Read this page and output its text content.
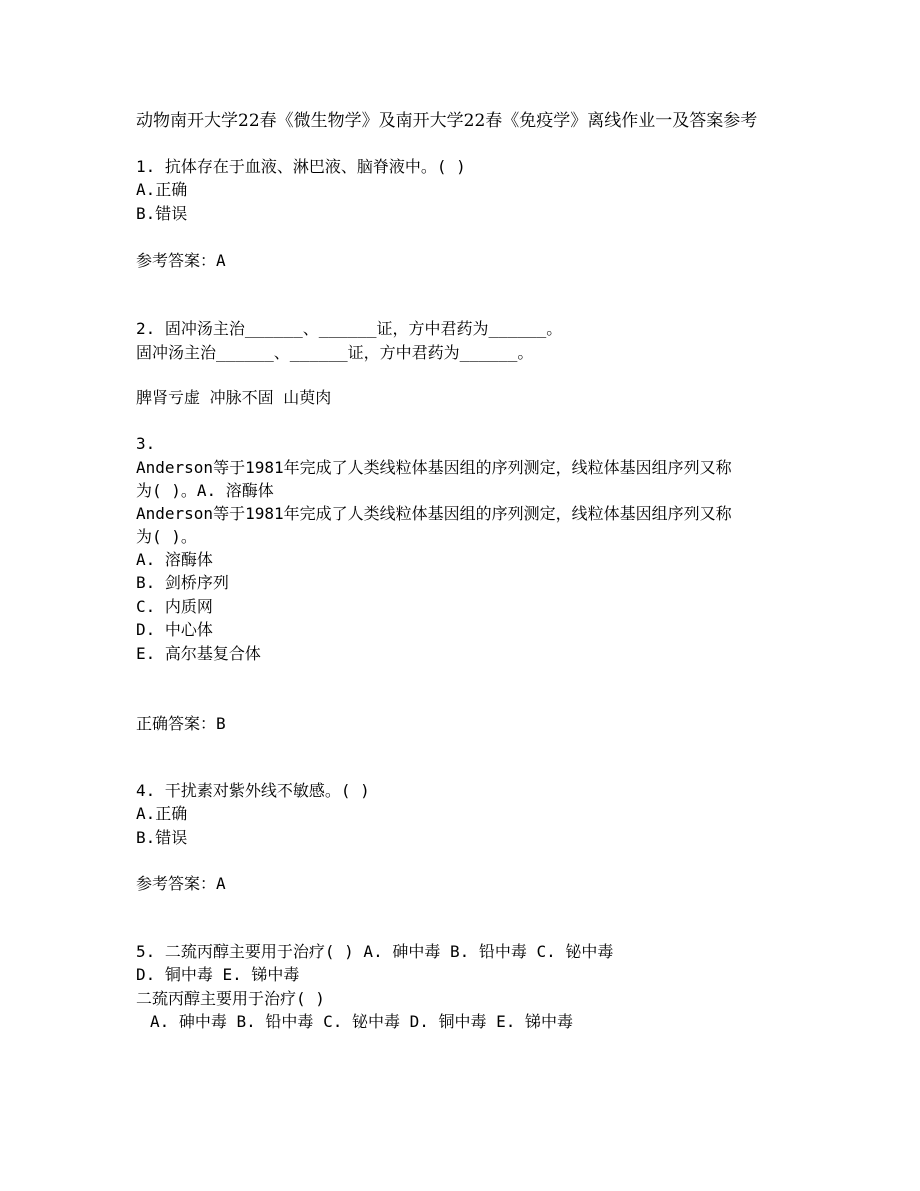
动物南开大学22春《微生物学》及南开大学22春《免疫学》离线作业一及答案参考
1. 抗体存在于血液、淋巴液、脑脊液中。( )
A.正确
B.错误
参考答案：A
2. 固冲汤主治______、______证，方中君药为______。
固冲汤主治______、______证，方中君药为______。
脾肾亏虚 冲脉不固 山萸肉
3.
Anderson等于1981年完成了人类线粒体基因组的序列测定，线粒体基因组序列又称
为( )。A. 溶酶体
Anderson等于1981年完成了人类线粒体基因组的序列测定，线粒体基因组序列又称
为( )。
A. 溶酶体
B. 剑桥序列
C. 内质网
D. 中心体
E. 高尔基复合体
正确答案：B
4. 干扰素对紫外线不敏感。( )
A.正确
B.错误
参考答案：A
5. 二巯丙醇主要用于治疗( ) A. 砷中毒 B. 铅中毒 C. 铋中毒
D. 铜中毒 E. 锑中毒
二巯丙醇主要用于治疗( )
A. 砷中毒 B. 铅中毒 C. 铋中毒 D. 铜中毒 E. 锑中毒
